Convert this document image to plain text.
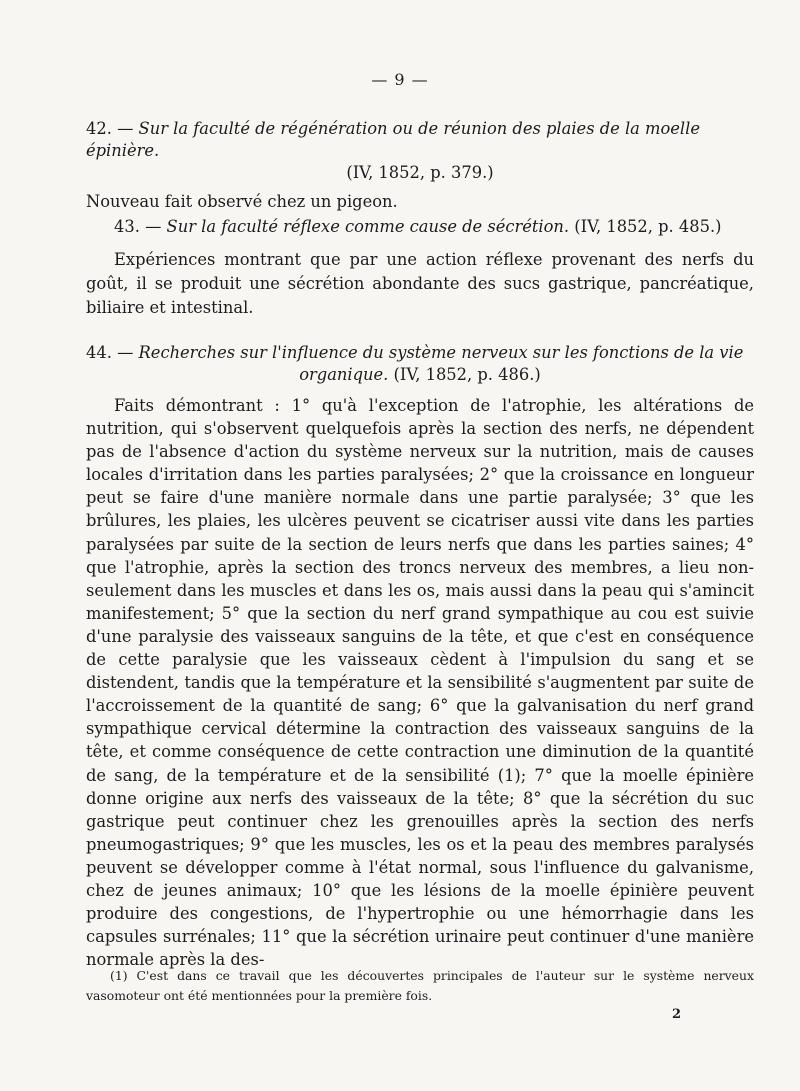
— 9 —

42. — Sur la faculté de régénération ou de réunion des plaies de la moelle épinière.

(IV, 1852, p. 379.)

Nouveau fait observé chez un pigeon.

43. — Sur la faculté réflexe comme cause de sécrétion. (IV, 1852, p. 485.)

Expériences montrant que par une action réflexe provenant des nerfs du goût, il se produit une sécrétion abondante des sucs gastrique, pancréatique, biliaire et intestinal.

44. — Recherches sur l'influence du système nerveux sur les fonctions de la vie

organique. (IV, 1852, p. 486.)

Faits démontrant : 1° qu'à l'exception de l'atrophie, les altérations de nutrition, qui s'observent quelquefois après la section des nerfs, ne dépendent pas de l'absence d'action du système nerveux sur la nutrition, mais de causes locales d'irritation dans les parties paralysées; 2° que la croissance en longueur peut se faire d'une manière normale dans une partie paralysée; 3° que les brûlures, les plaies, les ulcères peuvent se cicatriser aussi vite dans les parties paralysées par suite de la section de leurs nerfs que dans les parties saines; 4° que l'atrophie, après la section des troncs nerveux des membres, a lieu non-seulement dans les muscles et dans les os, mais aussi dans la peau qui s'amincit manifestement; 5° que la section du nerf grand sympathique au cou est suivie d'une paralysie des vaisseaux sanguins de la tête, et que c'est en conséquence de cette paralysie que les vaisseaux cèdent à l'impulsion du sang et se distendent, tandis que la température et la sensibilité s'augmentent par suite de l'accroissement de la quantité de sang; 6° que la galvanisation du nerf grand sympathique cervical détermine la contraction des vaisseaux sanguins de la tête, et comme conséquence de cette contraction une diminution de la quantité de sang, de la température et de la sensibilité (1); 7° que la moelle épinière donne origine aux nerfs des vaisseaux de la tête; 8° que la sécrétion du suc gastrique peut continuer chez les grenouilles après la section des nerfs pneumogastriques; 9° que les muscles, les os et la peau des membres paralysés peuvent se développer comme à l'état normal, sous l'influence du galvanisme, chez de jeunes animaux; 10° que les lésions de la moelle épinière peuvent produire des congestions, de l'hypertrophie ou une hémorrhagie dans les capsules surrénales; 11° que la sécrétion urinaire peut continuer d'une manière normale après la des-

(1) C'est dans ce travail que les découvertes principales de l'auteur sur le système nerveux vasomoteur ont été mentionnées pour la première fois.
2
